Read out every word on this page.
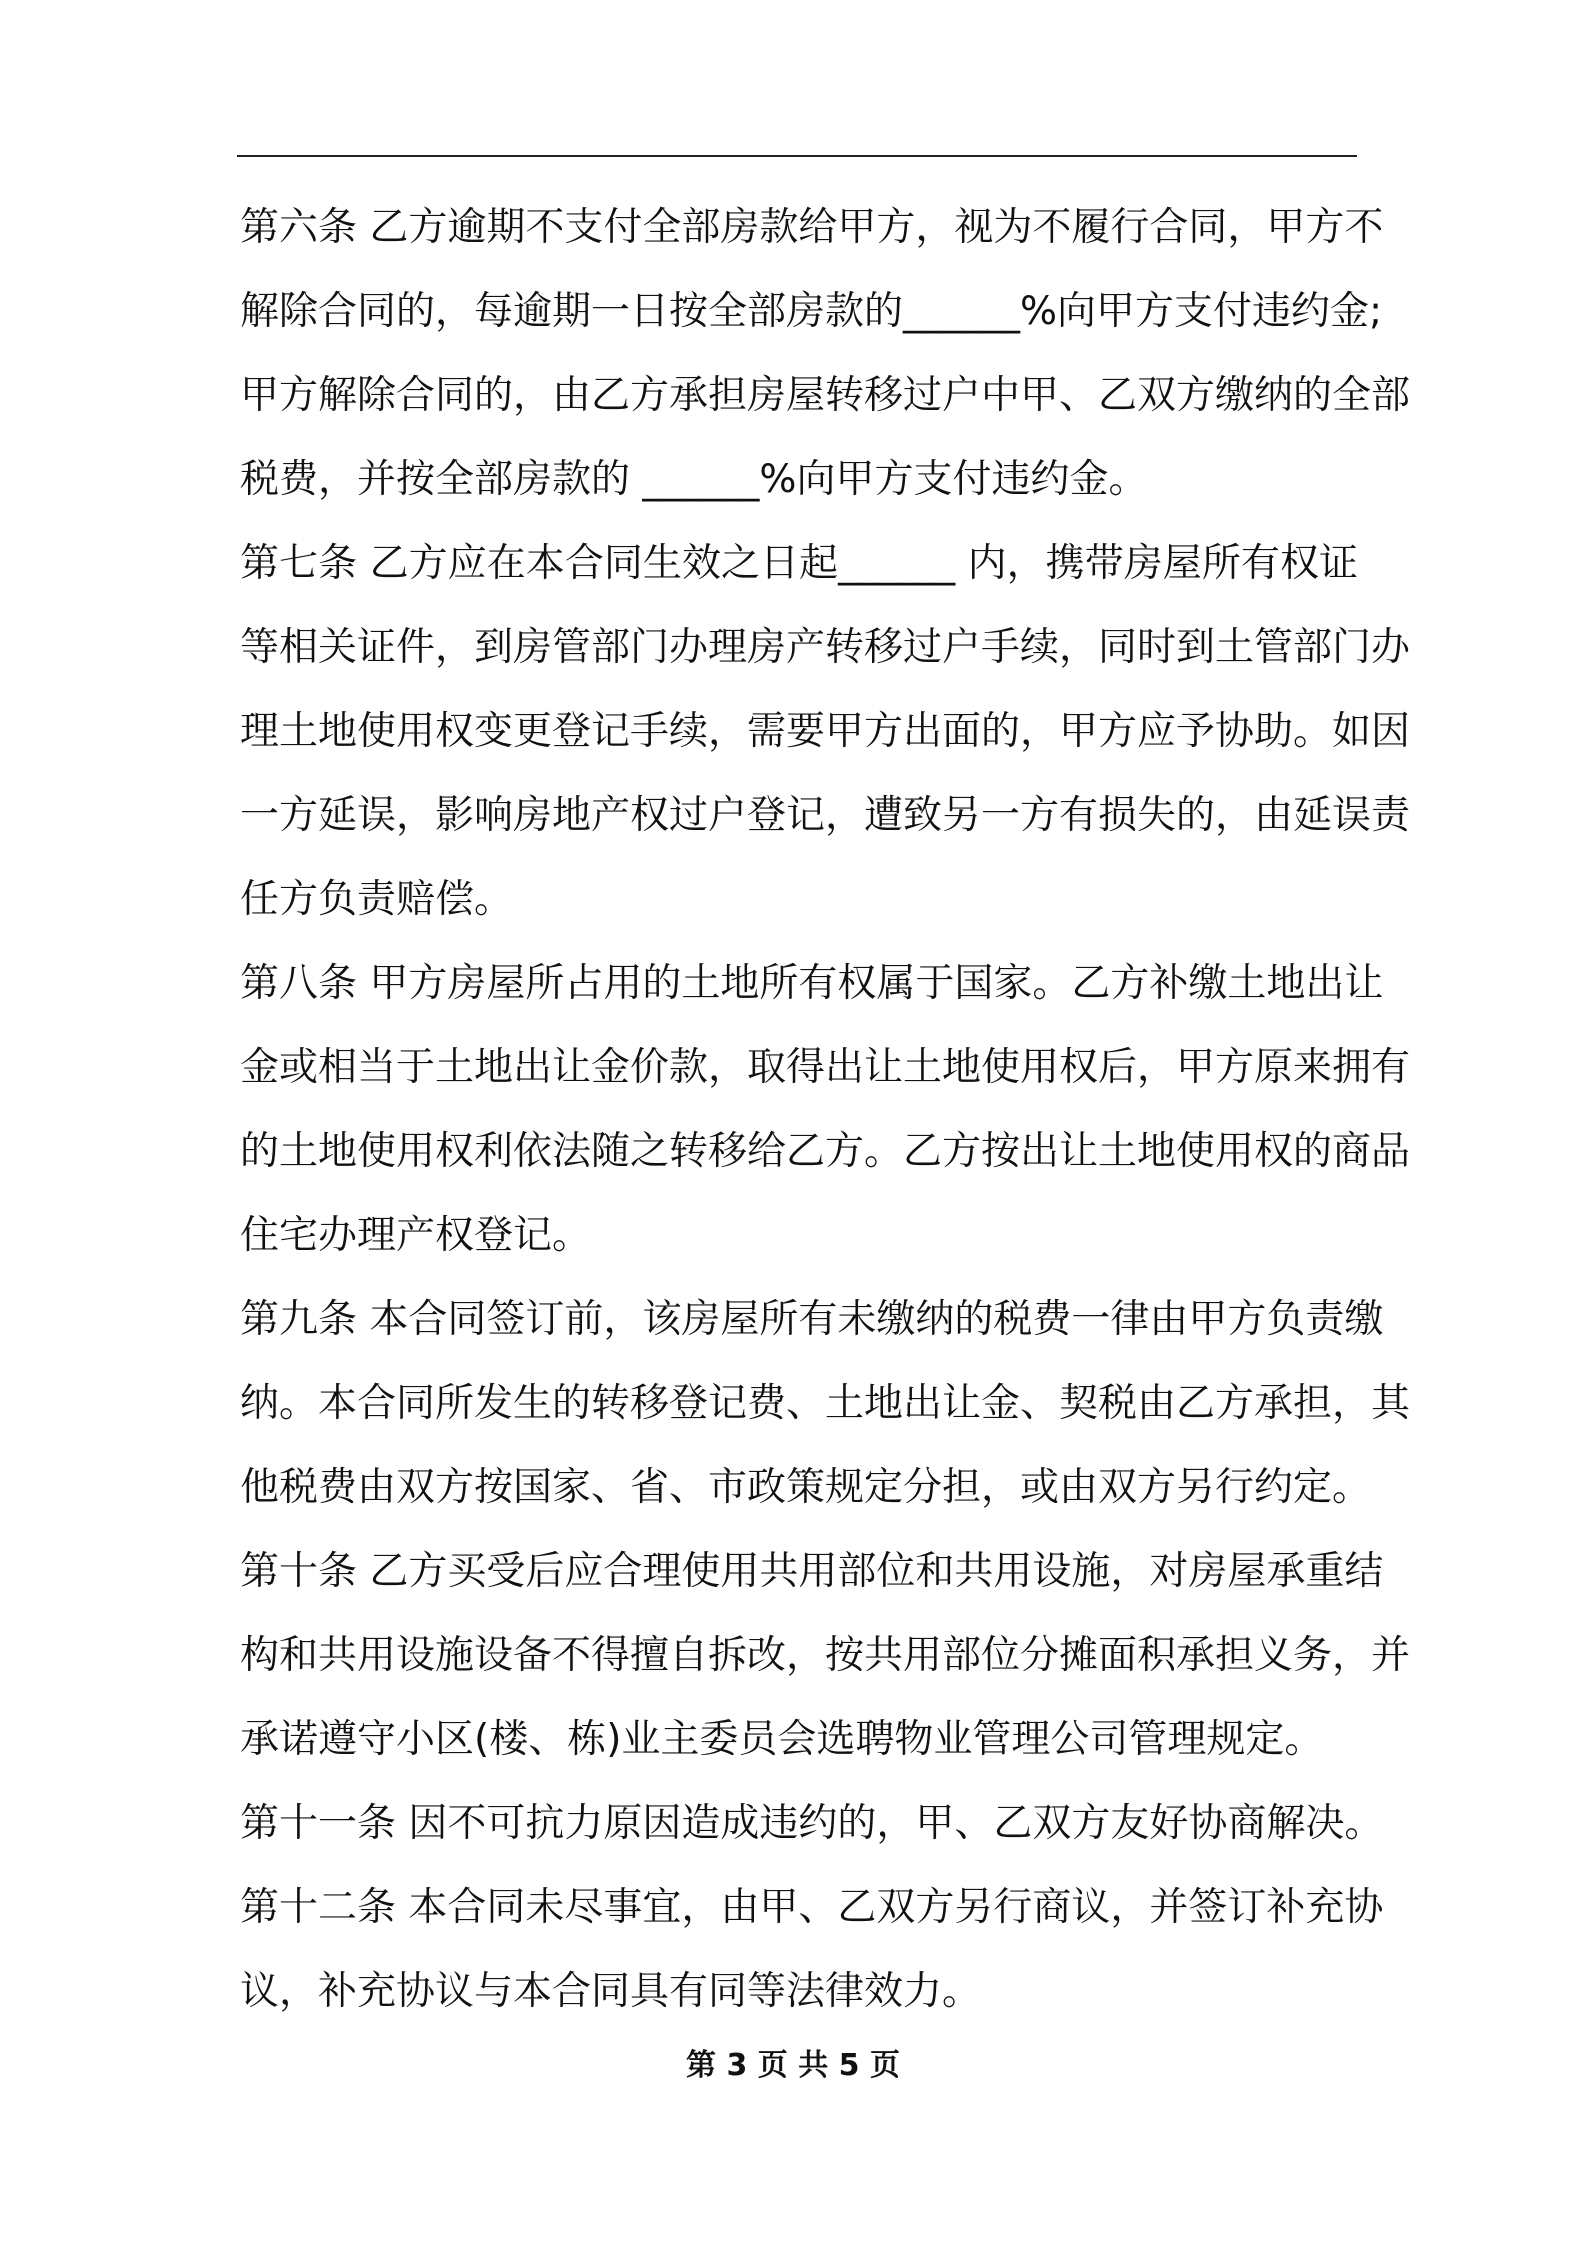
第六条 乙方逾期不支付全部房款给甲方，视为不履行合同，甲方不
解除合同的，每逾期一日按全部房款的______%向甲方支付违约金;
甲方解除合同的，由乙方承担房屋转移过户中甲、乙双方缴纳的全部
税费，并按全部房款的 ______%向甲方支付违约金。
第七条 乙方应在本合同生效之日起______ 内，携带房屋所有权证
等相关证件，到房管部门办理房产转移过户手续，同时到土管部门办
理土地使用权变更登记手续，需要甲方出面的，甲方应予协助。如因
一方延误，影响房地产权过户登记，遭致另一方有损失的，由延误责
任方负责赔偿。
第八条 甲方房屋所占用的土地所有权属于国家。乙方补缴土地出让
金或相当于土地出让金价款，取得出让土地使用权后，甲方原来拥有
的土地使用权利依法随之转移给乙方。乙方按出让土地使用权的商品
住宅办理产权登记。
第九条 本合同签订前，该房屋所有未缴纳的税费一律由甲方负责缴
纳。本合同所发生的转移登记费、土地出让金、契税由乙方承担，其
他税费由双方按国家、省、市政策规定分担，或由双方另行约定。
第十条 乙方买受后应合理使用共用部位和共用设施，对房屋承重结
构和共用设施设备不得擅自拆改，按共用部位分摊面积承担义务，并
承诺遵守小区(楼、栋)业主委员会选聘物业管理公司管理规定。
第十一条 因不可抗力原因造成违约的，甲、乙双方友好协商解决。
第十二条 本合同未尽事宜，由甲、乙双方另行商议，并签订补充协
议，补充协议与本合同具有同等法律效力。
第 3 页 共 5 页
